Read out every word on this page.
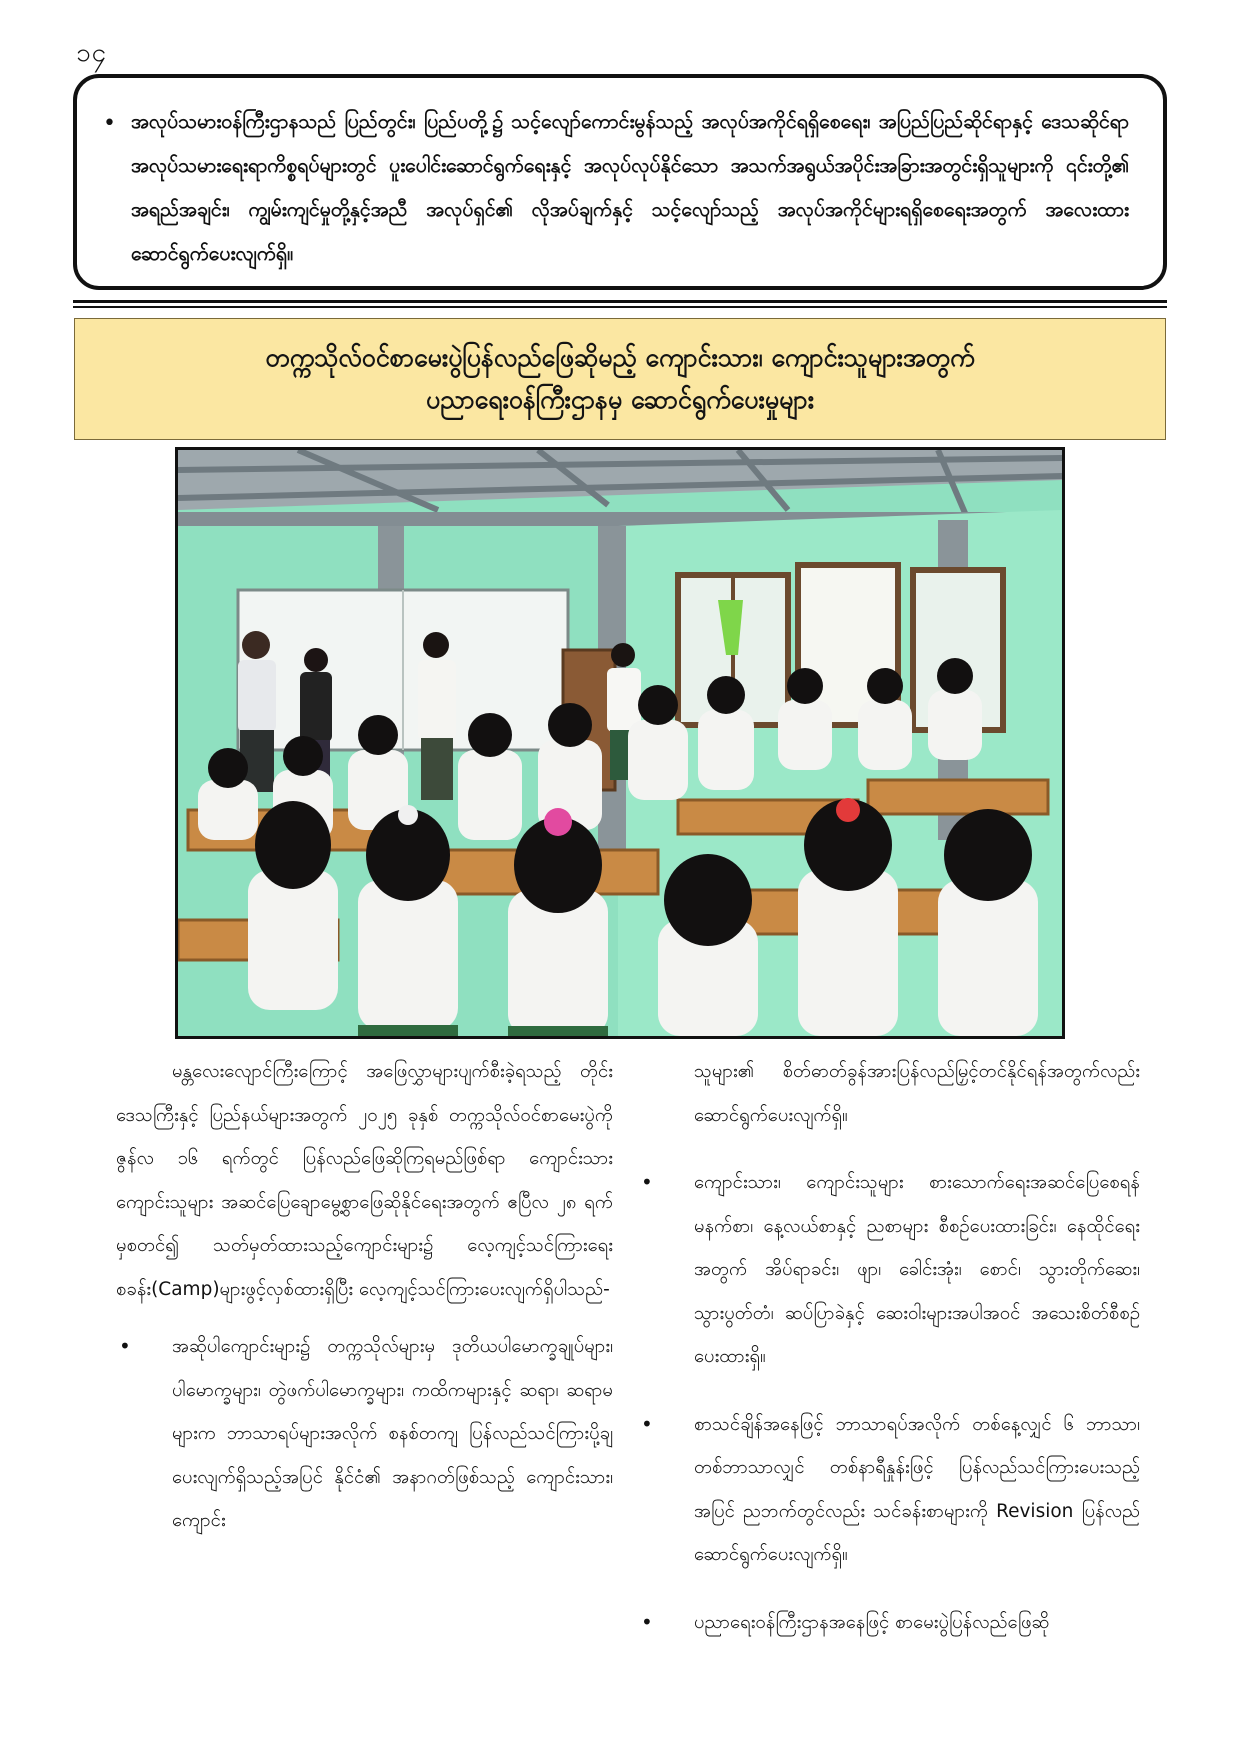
၁၄
• အလုပ်သမားဝန်ကြီးဌာနသည် ပြည်တွင်း၊ ပြည်ပတို့၌ သင့်လျော်ကောင်းမွန်သည့် အလုပ်အကိုင်ရရှိစေရေး၊ အပြည်ပြည်ဆိုင်ရာနှင့် ဒေသဆိုင်ရာ အလုပ်သမားရေးရာကိစ္စရပ်များတွင် ပူးပေါင်းဆောင်ရွက်ရေးနှင့် အလုပ်လုပ်နိုင်သော အသက်အရွယ်အပိုင်းအခြားအတွင်းရှိသူများကို ၎င်းတို့၏ အရည်အချင်း၊ ကျွမ်းကျင်မှုတို့နှင့်အညီ အလုပ်ရှင်၏ လိုအပ်ချက်နှင့် သင့်လျော်သည့် အလုပ်အကိုင်များရရှိစေရေးအတွက် အလေးထားဆောင်ရွက်ပေးလျက်ရှိ။

တက္ကသိုလ်ဝင်စာမေးပွဲပြန်လည်ဖြေဆိုမည့် ကျောင်းသား၊ ကျောင်းသူများအတွက်
ပညာရေးဝန်ကြီးဌာနမှ ဆောင်ရွက်ပေးမှုများ

မန္တလေးလျောင်ကြီးကြောင့် အဖြေလွှာများပျက်စီးခဲ့ရသည့် တိုင်းဒေသကြီးနှင့် ပြည်နယ်များအတွက် ၂၀၂၅ ခုနှစ် တက္ကသိုလ်ဝင်စာမေးပွဲကို ဇွန်လ ၁၆ ရက်တွင် ပြန်လည်ဖြေဆိုကြရမည်ဖြစ်ရာ ကျောင်းသားကျောင်းသူများ အဆင်ပြေချောမွေ့စွာဖြေဆိုနိုင်ရေးအတွက် ဧပြီလ ၂၈ ရက်မှစတင်၍ သတ်မှတ်ထားသည့်ကျောင်းများ၌ လေ့ကျင့်သင်ကြားရေးစခန်း(Camp)များဖွင့်လှစ်ထားရှိပြီး လေ့ကျင့်သင်ကြားပေးလျက်ရှိပါသည်-

• အဆိုပါကျောင်းများ၌ တက္ကသိုလ်များမှ ဒုတိယပါမောက္ခချုပ်များ၊ ပါမောက္ခများ၊ တွဲဖက်ပါမောက္ခများ၊ ကထိကများနှင့် ဆရာ၊ ဆရာမများက ဘာသာရပ်များအလိုက် စနစ်တကျ ပြန်လည်သင်ကြားပို့ချပေးလျက်ရှိသည့်အပြင် နိုင်ငံ၏ အနာဂတ်ဖြစ်သည့် ကျောင်းသား၊ ကျောင်း

သူများ၏ စိတ်ဓာတ်ခွန်အားပြန်လည်မြှင့်တင်နိုင်ရန်အတွက်လည်း ဆောင်ရွက်ပေးလျက်ရှိ။

• ကျောင်းသား၊ ကျောင်းသူများ စားသောက်ရေးအဆင်ပြေစေရန် မနက်စာ၊ နေ့လယ်စာနှင့် ညစာများ စီစဉ်ပေးထားခြင်း၊ နေထိုင်ရေးအတွက် အိပ်ရာခင်း၊ ဖျာ၊ ခေါင်းအုံး၊ စောင်၊ သွားတိုက်ဆေး၊ သွားပွတ်တံ၊ ဆပ်ပြာခဲနှင့် ဆေးဝါးများအပါအဝင် အသေးစိတ်စီစဉ်ပေးထားရှိ။

• စာသင်ချိန်အနေဖြင့် ဘာသာရပ်အလိုက် တစ်နေ့လျှင် ၆ ဘာသာ၊ တစ်ဘာသာလျှင် တစ်နာရီနှုန်းဖြင့် ပြန်လည်သင်ကြားပေးသည့်အပြင် ညဘက်တွင်လည်း သင်ခန်းစာများကို Revision ပြန်လည်ဆောင်ရွက်ပေးလျက်ရှိ။

• ပညာရေးဝန်ကြီးဌာနအနေဖြင့် စာမေးပွဲပြန်လည်ဖြေဆို
